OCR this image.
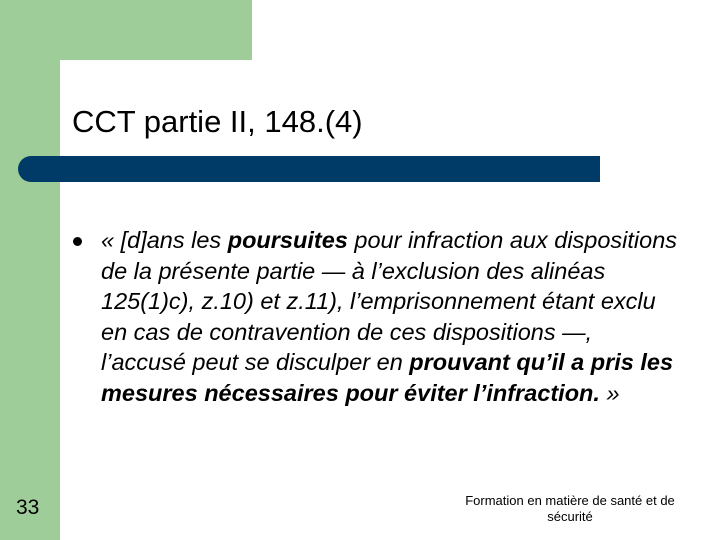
CCT partie II, 148.(4)
« [d]ans les poursuites pour infraction aux dispositions de la présente partie — à l’exclusion des alinéas 125(1)c), z.10) et z.11), l’emprisonnement étant exclu en cas de contravention de ces dispositions —, l’accusé peut se disculper en prouvant qu’il a pris les mesures nécessaires pour éviter l’infraction. »
33	Formation en matière de santé et de sécurité
